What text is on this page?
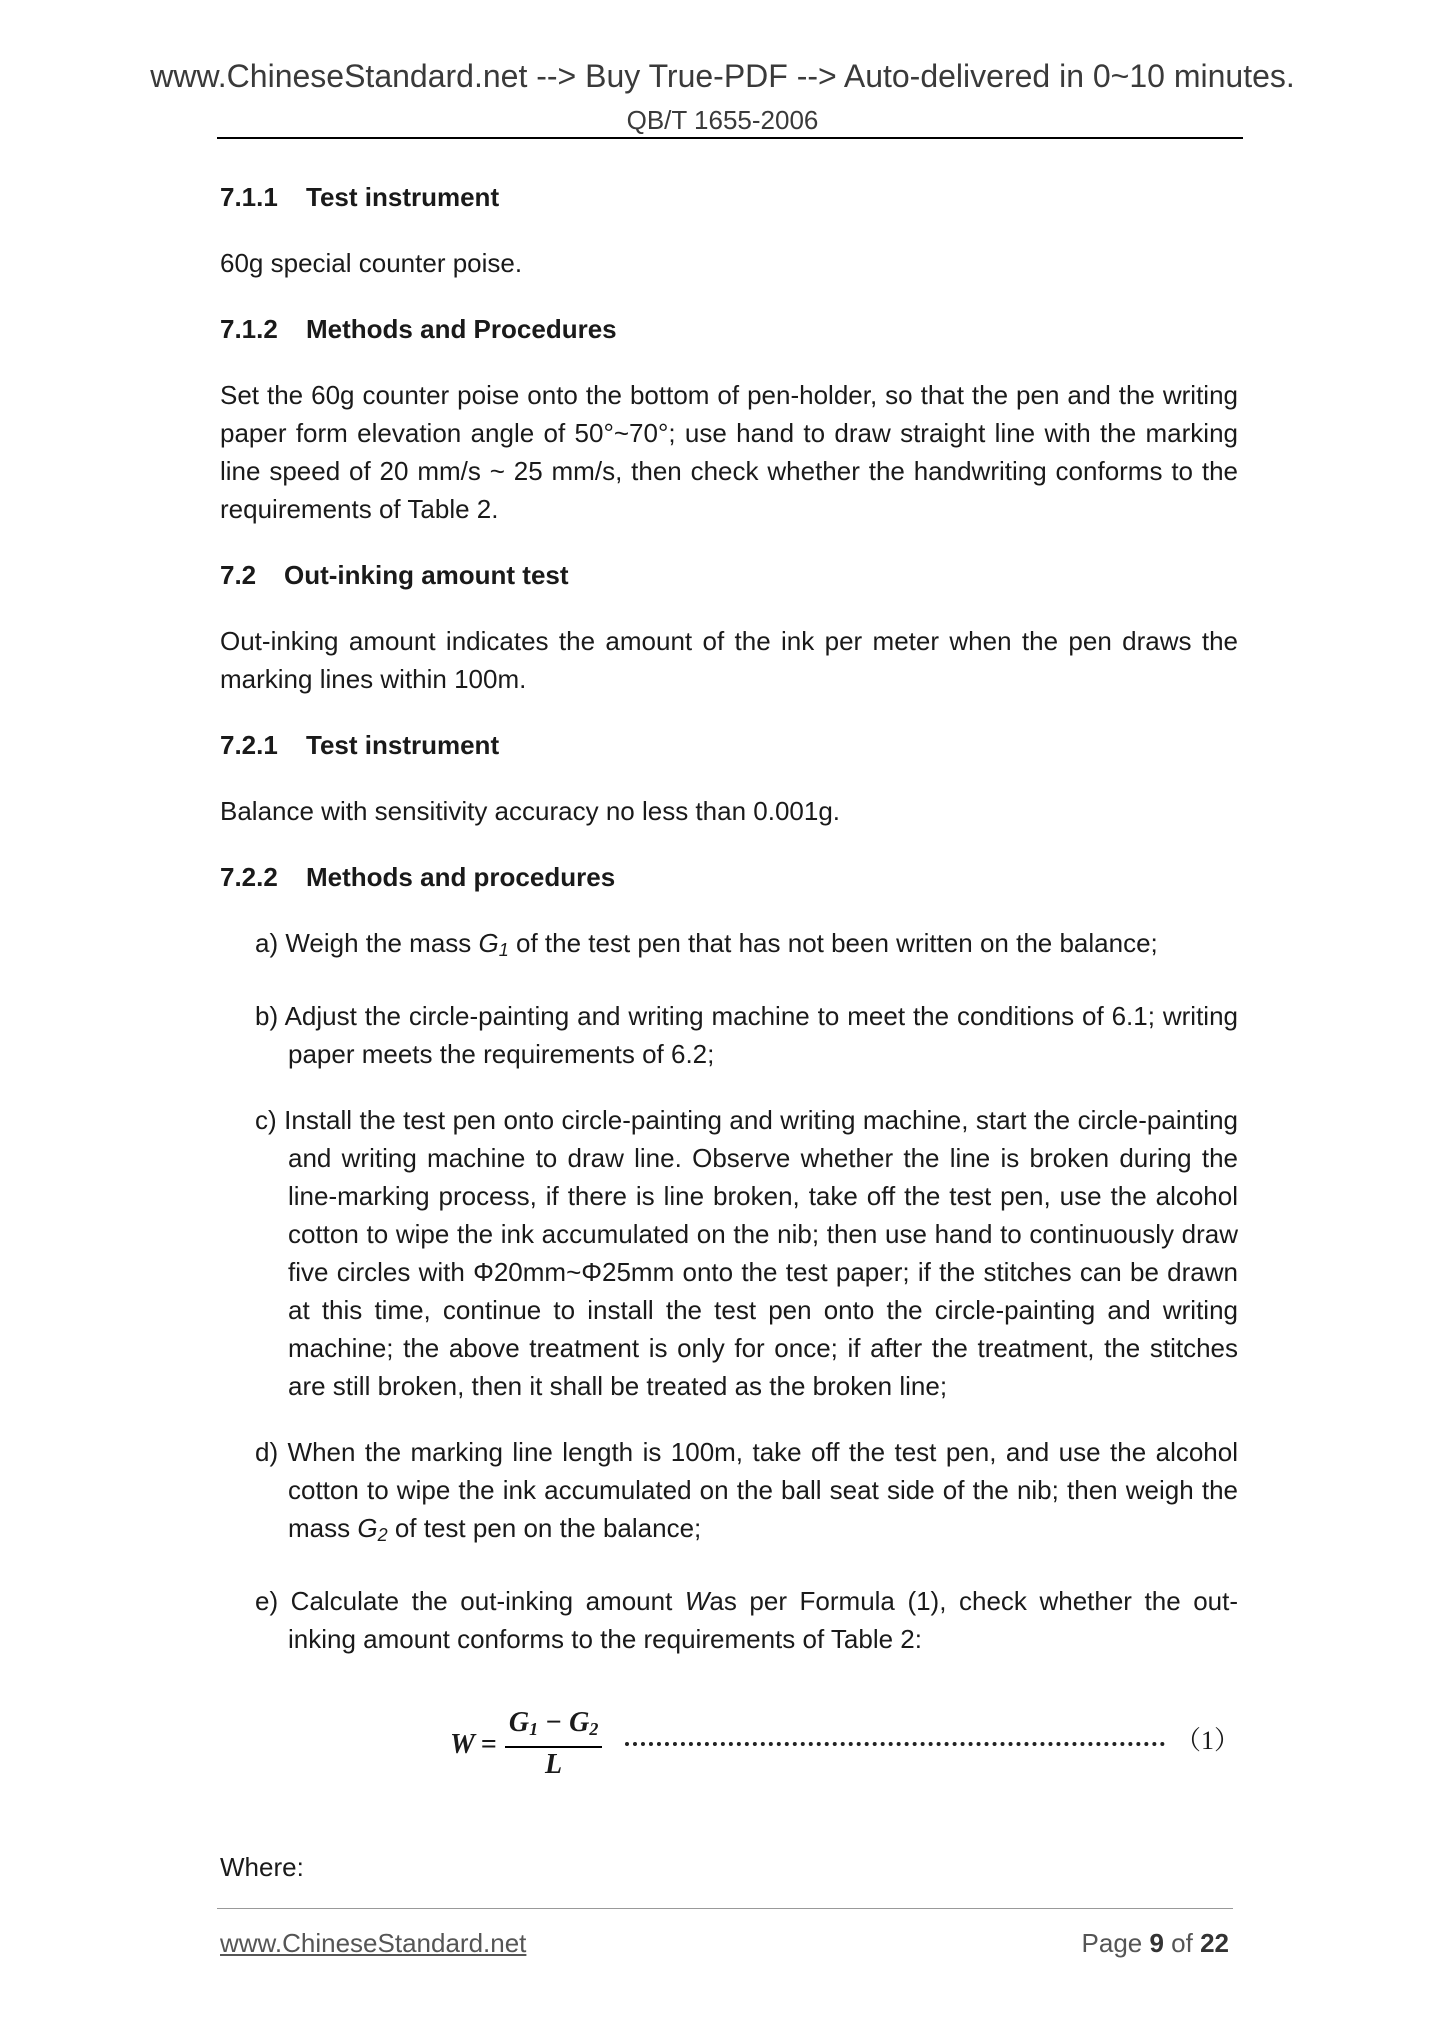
www.ChineseStandard.net --> Buy True-PDF --> Auto-delivered in 0~10 minutes.
QB/T 1655-2006
7.1.1 Test instrument

60g special counter poise.

7.1.2 Methods and Procedures

Set the 60g counter poise onto the bottom of pen-holder, so that the pen and the writing paper form elevation angle of 50°~70°; use hand to draw straight line with the marking line speed of 20 mm/s ~ 25 mm/s, then check whether the handwriting conforms to the requirements of Table 2.

7.2 Out-inking amount test

Out-inking amount indicates the amount of the ink per meter when the pen draws the marking lines within 100m.

7.2.1 Test instrument

Balance with sensitivity accuracy no less than 0.001g.

7.2.2 Methods and procedures

a) Weigh the mass $G_1$ of the test pen that has not been written on the balance;

b) Adjust the circle-painting and writing machine to meet the conditions of 6.1; writing paper meets the requirements of 6.2;

c) Install the test pen onto circle-painting and writing machine, start the circle-painting and writing machine to draw line. Observe whether the line is broken during the line-marking process, if there is line broken, take off the test pen, use the alcohol cotton to wipe the ink accumulated on the nib; then use hand to continuously draw five circles with Φ20mm~Φ25mm onto the test paper; if the stitches can be drawn at this time, continue to install the test pen onto the circle-painting and writing machine; the above treatment is only for once; if after the treatment, the stitches are still broken, then it shall be treated as the broken line;

d) When the marking line length is 100m, take off the test pen, and use the alcohol cotton to wipe the ink accumulated on the ball seat side of the nib; then weigh the mass $G_2$ of test pen on the balance;

e) Calculate the out-inking amount Was per Formula (1), check whether the out-inking amount conforms to the requirements of Table 2:

$W = \frac{G_1 - G_2}{L}$	（1）

Where:

www.ChineseStandard.net	Page 9 of 22
